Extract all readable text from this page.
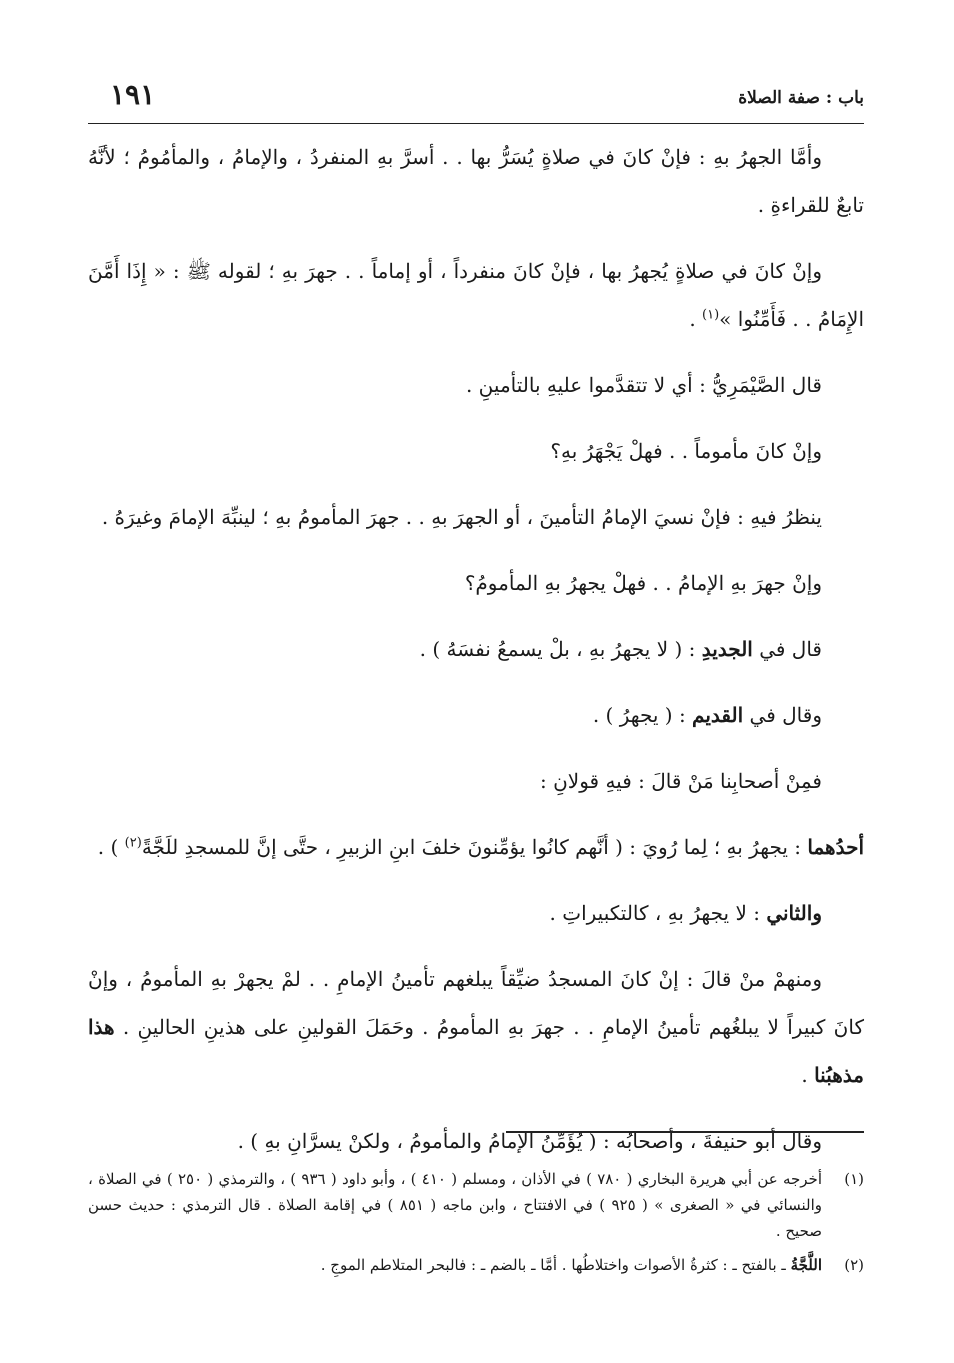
باب : صفة الصلاة
١٩١

وأمَّا الجهرُ بهِ : فإنْ كانَ في صلاةٍ يُسَرُّ بها . . أسرَّ بهِ المنفردُ ، والإمامُ ، والمأمُومُ ؛ لأنَّهُ تابعٌ للقراءةِ .

وإنْ كانَ في صلاةٍ يُجهرُ بها ، فإنْ كانَ منفرداً ، أو إماماً . . جهرَ بهِ ؛ لقوله ﷺ : « إِذَا أَمَّنَ الإِمَامُ . . فَأَمِّنُوا »$^{(١)}$ .

قال الصَّيْمَرِيُّ : أي لا تتقدَّموا عليهِ بالتأمينِ .

وإنْ كانَ مأموماً . . فهلْ يَجْهَرُ بهِ؟

ينظرُ فيهِ : فإنْ نسيَ الإمامُ التأمينَ ، أو الجهرَ بهِ . . جهرَ المأمومُ بهِ ؛ لينبِّهَ الإمامَ وغيرَهُ .

وإنْ جهرَ بهِ الإمامُ . . فهلْ يجهرُ بهِ المأمومُ؟

قال في الجديدِ : ( لا يجهرُ بهِ ، بلْ يسمعُ نفسَهُ ) .

وقال في القديم : ( يجهرُ ) .

فمِنْ أصحابِنا مَنْ قالَ : فيهِ قولانِ :

أحدُهما : يجهرُ بهِ ؛ لِما رُويَ : ( أنَّهم كانُوا يؤمِّنونَ خلفَ ابنِ الزبيرِ ، حتَّى إنَّ للمسجدِ للَجَّةً$^{(٢)}$ ) .

والثاني : لا يجهرُ بهِ ، كالتكبيراتِ .

ومنهمْ منْ قالَ : إنْ كانَ المسجدُ ضيِّقاً يبلغهم تأمينُ الإمامِ . . لمْ يجهرْ بهِ المأمومُ ، وإنْ كانَ كبيراً لا يبلغُهم تأمينُ الإمامِ . . جهرَ بهِ المأمومُ . وحَمَلَ القولينِ على هذينِ الحالينِ . هذا مذهبُنا .

وقال أبو حنيفةَ ، وأصحابُه : ( يُؤَمِّنُ الإمامُ والمأمومُ ، ولكنْ يسرَّانِ بهِ ) .

(١)
أخرجه عن أبي هريرة البخاري ( ٧٨٠ ) في الأذان ، ومسلم ( ٤١٠ ) ، وأبو داود ( ٩٣٦ ) ، والترمذي ( ٢٥٠ ) في الصلاة ، والنسائي في « الصغرى » ( ٩٢٥ ) في الافتتاح ، وابن ماجه ( ٨٥١ ) في إقامة الصلاة . قال الترمذي : حديث حسن صحيح .
(٢)
اللَّجَّةُ ـ بالفتح ـ : كثرةُ الأصوات واختلاطُها . أمَّا ـ بالضم ـ : فالبحر المتلاطم الموجِ .
